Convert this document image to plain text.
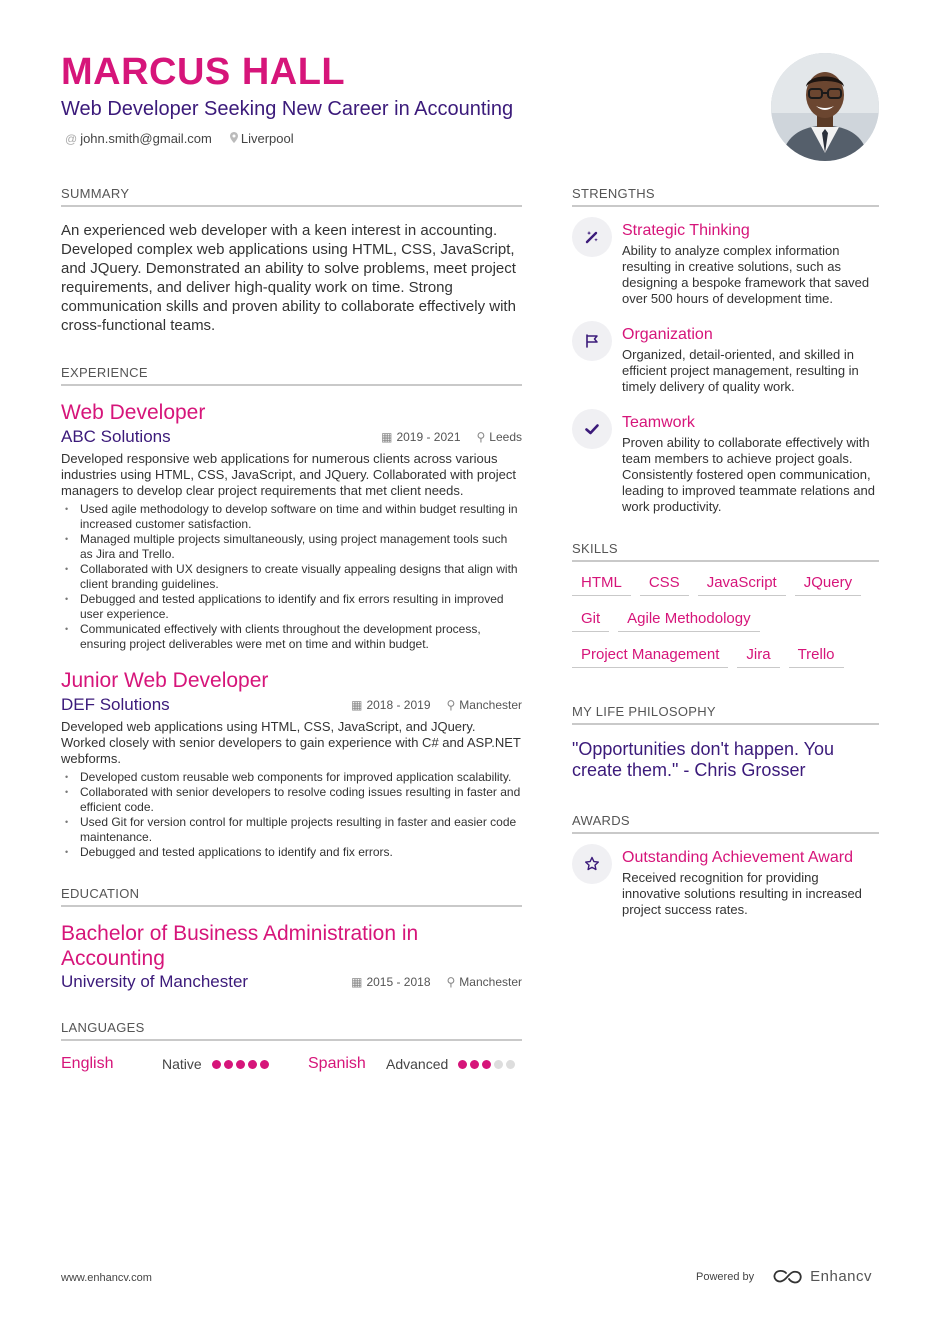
MARCUS HALL
Web Developer Seeking New Career in Accounting
@ john.smith@gmail.com Liverpool
SUMMARY
An experienced web developer with a keen interest in accounting. Developed complex web applications using HTML, CSS, JavaScript, and JQuery. Demonstrated an ability to solve problems, meet project requirements, and deliver high-quality work on time. Strong communication skills and proven ability to collaborate effectively with cross-functional teams.
EXPERIENCE
Web Developer
ABC Solutions	▦ 2019 - 2021 ⚲ Leeds
Developed responsive web applications for numerous clients across various industries using HTML, CSS, JavaScript, and JQuery. Collaborated with project managers to develop clear project requirements that met client needs.
• Used agile methodology to develop software on time and within budget resulting in increased customer satisfaction.
• Managed multiple projects simultaneously, using project management tools such as Jira and Trello.
• Collaborated with UX designers to create visually appealing designs that align with client branding guidelines.
• Debugged and tested applications to identify and fix errors resulting in improved user experience.
• Communicated effectively with clients throughout the development process, ensuring project deliverables were met on time and within budget.
Junior Web Developer
DEF Solutions	▦ 2018 - 2019 ⚲ Manchester
Developed web applications using HTML, CSS, JavaScript, and JQuery. Worked closely with senior developers to gain experience with C# and ASP.NET webforms.
• Developed custom reusable web components for improved application scalability.
• Collaborated with senior developers to resolve coding issues resulting in faster and efficient code.
• Used Git for version control for multiple projects resulting in faster and easier code maintenance.
• Debugged and tested applications to identify and fix errors.
EDUCATION
Bachelor of Business Administration in Accounting
University of Manchester	▦ 2015 - 2018 ⚲ Manchester
LANGUAGES
English	Native	Spanish	Advanced
STRENGTHS
Strategic Thinking
Ability to analyze complex information resulting in creative solutions, such as designing a bespoke framework that saved over 500 hours of development time.
Organization
Organized, detail-oriented, and skilled in efficient project management, resulting in timely delivery of quality work.
Teamwork
Proven ability to collaborate effectively with team members to achieve project goals. Consistently fostered open communication, leading to improved teammate relations and work productivity.
SKILLS
HTML	CSS	JavaScript	JQuery
Git	Agile Methodology
Project Management	Jira	Trello
MY LIFE PHILOSOPHY
"Opportunities don't happen. You create them." - Chris Grosser
AWARDS
Outstanding Achievement Award
Received recognition for providing innovative solutions resulting in increased project success rates.
www.enhancv.com	Powered by	Enhancv
